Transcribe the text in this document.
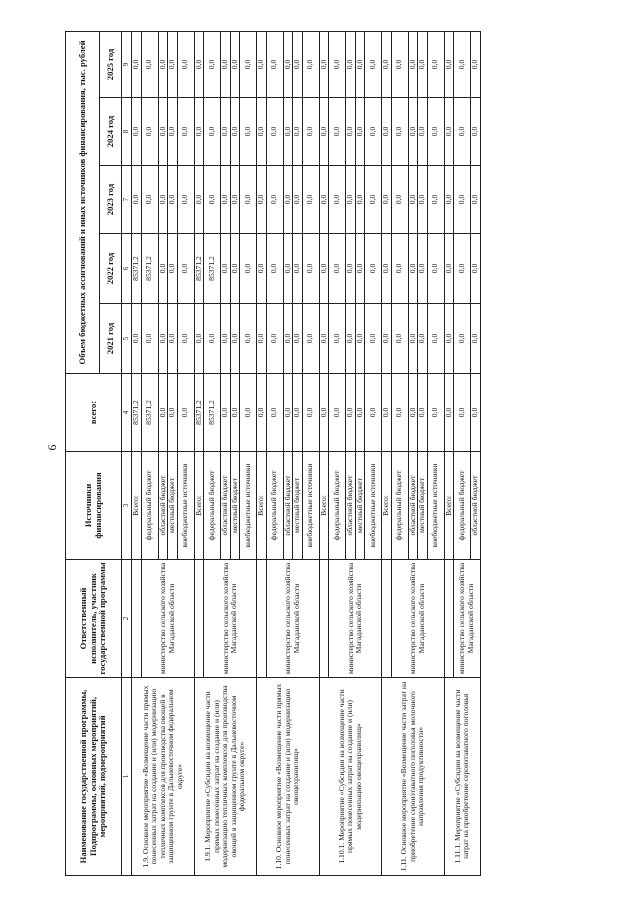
9
Наименование государственной программы, Подпрограммы, основных мероприятий, мероприятий, подмероприятий	Ответственный исполнитель, участник государственной программы	Источники финансирования	всего:	Объем бюджетных ассигнований и иных источников финансирования, тыс. рублей				
				2021 год	2022 год	2023 год	2024 год	2025 год
1	2	3	4	5	6	7	8	9
1.9. Основное мероприятие «Возмещение части прямых понесенных затрат на создание и (или) модернизацию тепличных комплексов для производства овощей в защищенном грунте в Дальневосточном федеральном округе»		Всего:	85371,2	0,0	85371,2	0,0	0,0	0,0
	министерство сельского хозяйства Магаданской области	федеральный бюджет	85371,2	0,0	85371,2	0,0	0,0	0,0
		областной бюджет	0,0	0,0	0,0	0,0	0,0	0,0
		местный бюджет	0,0	0,0	0,0	0,0	0,0	0,0
		внебюджетные источники	0,0	0,0	0,0	0,0	0,0	0,0
1.9.1. Мероприятие «Субсидии на возмещение части прямых понесенных затрат на создание и (или) модернизацию тепличных комплексов для производства овощей в защищенном грунте в Дальневосточном федеральном округе»		Всего:	85371,2	0,0	85371,2	0,0	0,0	0,0
	министерство сельского хозяйства Магаданской области	федеральный бюджет	85371,2	0,0	85371,2	0,0	0,0	0,0
		областной бюджет	0,0	0,0	0,0	0,0	0,0	0,0
		местный бюджет	0,0	0,0	0,0	0,0	0,0	0,0
		внебюджетные источники	0,0	0,0	0,0	0,0	0,0	0,0
1.10. Основное мероприятие «Возмещение части прямых понесенных затрат на создание и (или) модернизацию овощехранилищ»		Всего:	0,0	0,0	0,0	0,0	0,0	0,0
	министерство сельского хозяйства Магаданской области	федеральный бюджет	0,0	0,0	0,0	0,0	0,0	0,0
		областной бюджет	0,0	0,0	0,0	0,0	0,0	0,0
		местный бюджет	0,0	0,0	0,0	0,0	0,0	0,0
		внебюджетные источники	0,0	0,0	0,0	0,0	0,0	0,0
1.10.1. Мероприятие «Субсидии на возмещение части прямых понесенных затрат на создание и (или) модернизацию овощехранилищ»		Всего:	0,0	0,0	0,0	0,0	0,0	0,0
	министерство сельского хозяйства Магаданской области	федеральный бюджет	0,0	0,0	0,0	0,0	0,0	0,0
		областной бюджет	0,0	0,0	0,0	0,0	0,0	0,0
		местный бюджет	0,0	0,0	0,0	0,0	0,0	0,0
		внебюджетные источники	0,0	0,0	0,0	0,0	0,0	0,0
1.11. Основное мероприятие «Возмещение части затрат на приобретение сероиэтаватного поголовья молочного направления продуктивности»		Всего:	0,0	0,0	0,0	0,0	0,0	0,0
	министерство сельского хозяйства Магаданской области	федеральный бюджет	0,0	0,0	0,0	0,0	0,0	0,0
		областной бюджет	0,0	0,0	0,0	0,0	0,0	0,0
		местный бюджет	0,0	0,0	0,0	0,0	0,0	0,0
		внебюджетные источники	0,0	0,0	0,0	0,0	0,0	0,0
1.11.1. Мероприятие «Субсидии на возмещение части затрат на приобретение сероиэтаватного поголовья		Всего:	0,0	0,0	0,0	0,0	0,0	0,0
	министерство сельского хозяйства Магаданской области	федеральный бюджет	0,0	0,0	0,0	0,0	0,0	0,0
		областной бюджет	0,0	0,0	0,0	0,0	0,0	0,0
